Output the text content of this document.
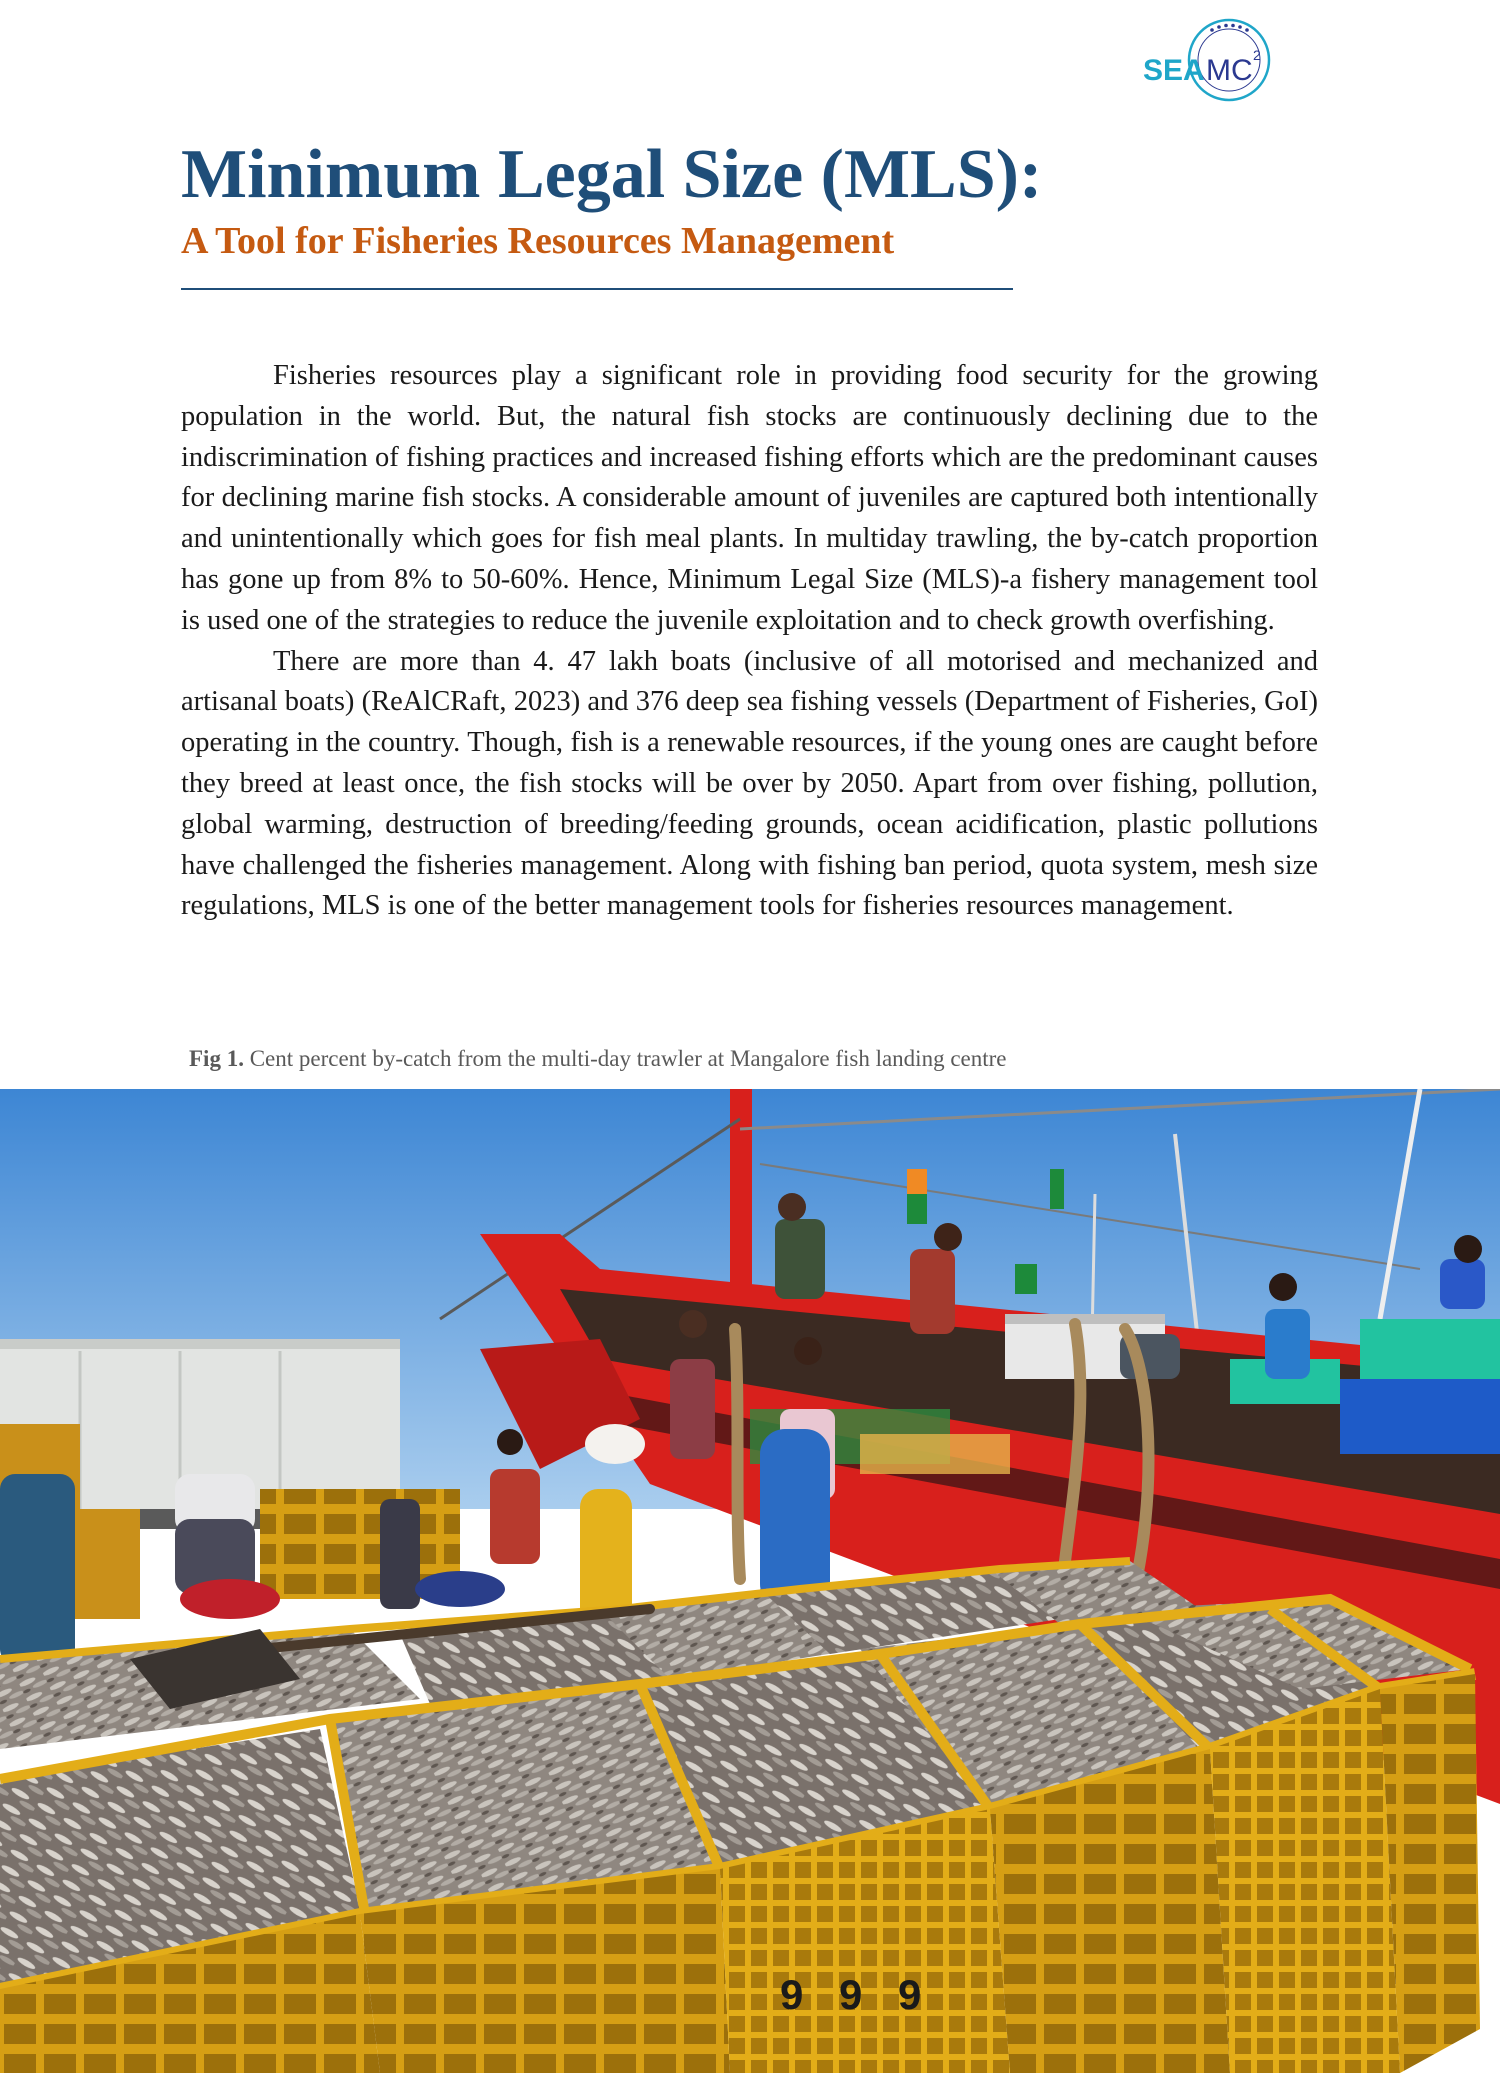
SEA MC 2
Minimum Legal Size (MLS):
A Tool for Fisheries Resources Management

Fisheries resources play a significant role in providing food security for the growing population in the world. But, the natural fish stocks are continuously declining due to the indiscrimination of fishing practices and increased fishing efforts which are the predominant causes for declining marine fish stocks. A considerable amount of juveniles are captured both intentionally and unintentionally which goes for fish meal plants. In multiday trawling, the by-catch proportion has gone up from 8% to 50-60%. Hence, Minimum Legal Size (MLS)-a fishery management tool is used one of the strategies to reduce the juvenile exploitation and to check growth overfishing.

There are more than 4. 47 lakh boats (inclusive of all motorised and mechanized and artisanal boats) (ReAlCRaft, 2023) and 376 deep sea fishing vessels (Department of Fisheries, GoI) operating in the country. Though, fish is a renewable resources, if the young ones are caught before they breed at least once, the fish stocks will be over by 2050. Apart from over fishing, pollution, global warming, destruction of breeding/feeding grounds, ocean acidification, plastic pollutions have challenged the fisheries management. Along with fishing ban period, quota system, mesh size regulations, MLS is one of the better management tools for fisheries resources management.

Fig 1. Cent percent by-catch from the multi-day trawler at Mangalore fish landing centre

9 9 9
